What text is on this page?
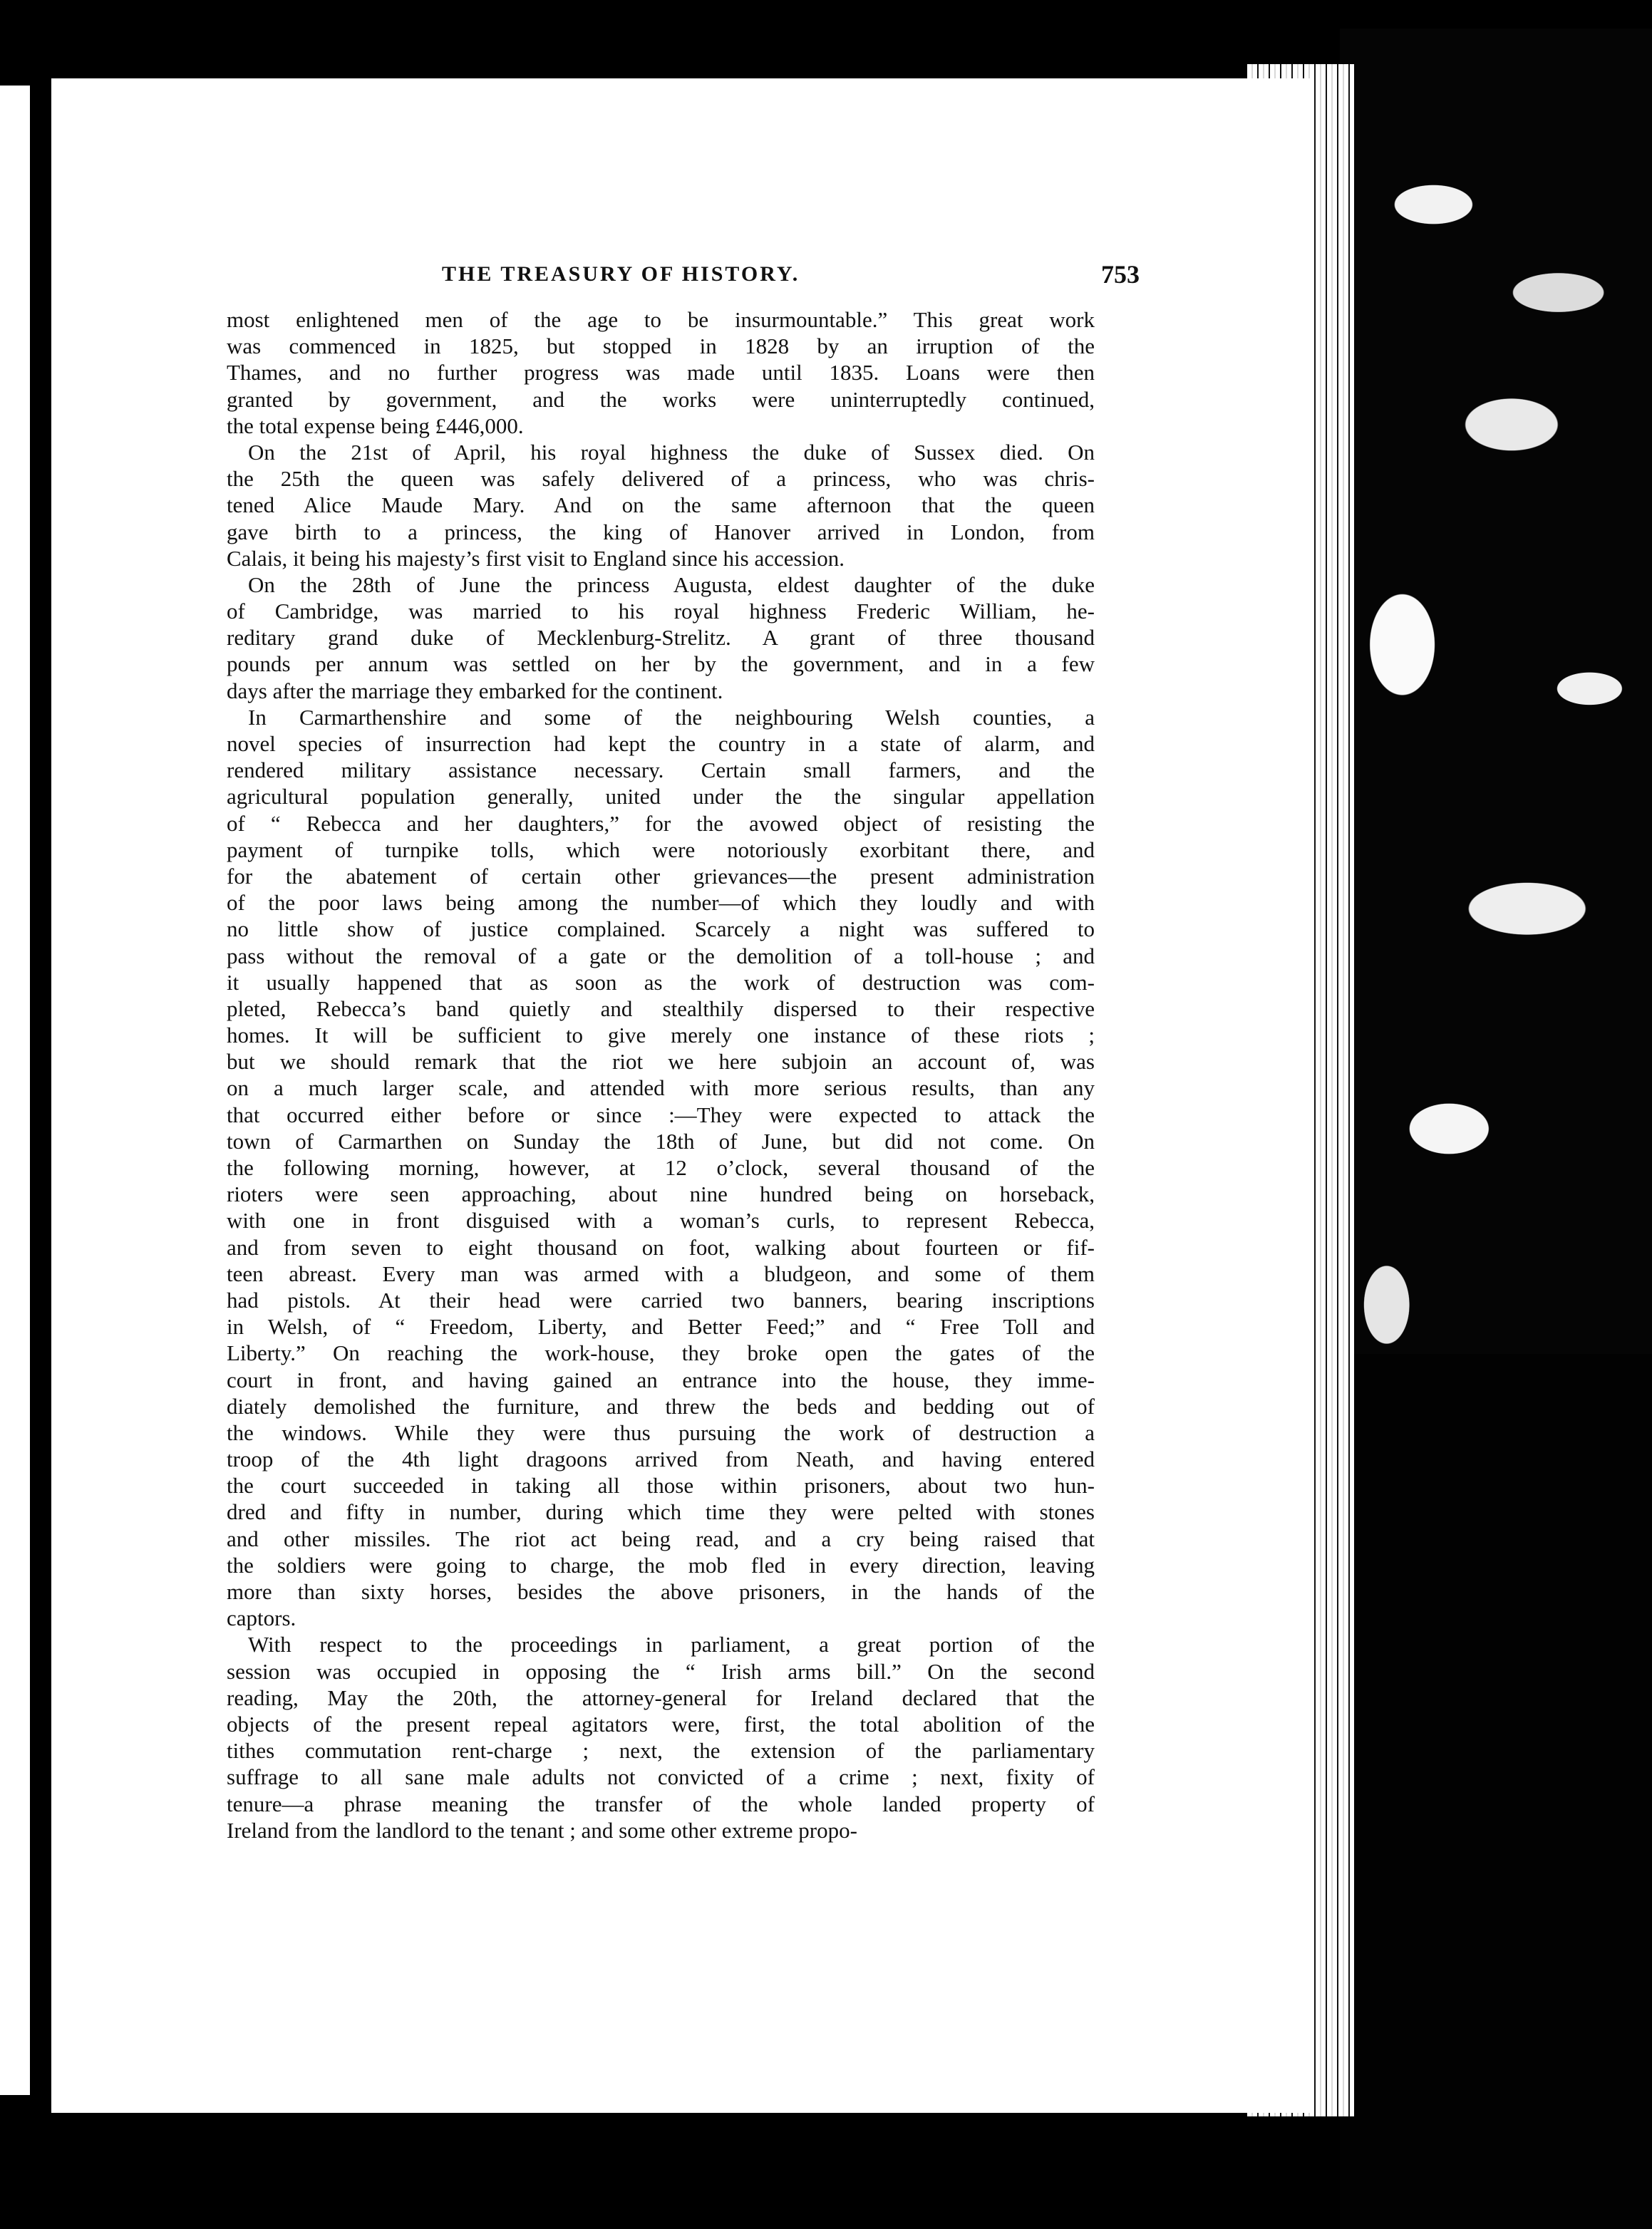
THE TREASURY OF HISTORY.	753
most enlightened men of the age to be insurmountable.” This great work
was commenced in 1825, but stopped in 1828 by an irruption of the
Thames, and no further progress was made until 1835. Loans were then
granted by government, and the works were uninterruptedly continued,
the total expense being £446,000.
On the 21st of April, his royal highness the duke of Sussex died. On
the 25th the queen was safely delivered of a princess, who was chris-
tened Alice Maude Mary. And on the same afternoon that the queen
gave birth to a princess, the king of Hanover arrived in London, from
Calais, it being his majesty’s first visit to England since his accession.
On the 28th of June the princess Augusta, eldest daughter of the duke
of Cambridge, was married to his royal highness Frederic William, he-
reditary grand duke of Mecklenburg-Strelitz. A grant of three thousand
pounds per annum was settled on her by the government, and in a few
days after the marriage they embarked for the continent.
In Carmarthenshire and some of the neighbouring Welsh counties, a
novel species of insurrection had kept the country in a state of alarm, and
rendered military assistance necessary. Certain small farmers, and the
agricultural population generally, united under the the singular appellation
of “ Rebecca and her daughters,” for the avowed object of resisting the
payment of turnpike tolls, which were notoriously exorbitant there, and
for the abatement of certain other grievances—the present administration
of the poor laws being among the number—of which they loudly and with
no little show of justice complained. Scarcely a night was suffered to
pass without the removal of a gate or the demolition of a toll-house ; and
it usually happened that as soon as the work of destruction was com-
pleted, Rebecca’s band quietly and stealthily dispersed to their respective
homes. It will be sufficient to give merely one instance of these riots ;
but we should remark that the riot we here subjoin an account of, was
on a much larger scale, and attended with more serious results, than any
that occurred either before or since :—They were expected to attack the
town of Carmarthen on Sunday the 18th of June, but did not come. On
the following morning, however, at 12 o’clock, several thousand of the
rioters were seen approaching, about nine hundred being on horseback,
with one in front disguised with a woman’s curls, to represent Rebecca,
and from seven to eight thousand on foot, walking about fourteen or fif-
teen abreast. Every man was armed with a bludgeon, and some of them
had pistols. At their head were carried two banners, bearing inscriptions
in Welsh, of “ Freedom, Liberty, and Better Feed;” and “ Free Toll and
Liberty.” On reaching the work-house, they broke open the gates of the
court in front, and having gained an entrance into the house, they imme-
diately demolished the furniture, and threw the beds and bedding out of
the windows. While they were thus pursuing the work of destruction a
troop of the 4th light dragoons arrived from Neath, and having entered
the court succeeded in taking all those within prisoners, about two hun-
dred and fifty in number, during which time they were pelted with stones
and other missiles. The riot act being read, and a cry being raised that
the soldiers were going to charge, the mob fled in every direction, leaving
more than sixty horses, besides the above prisoners, in the hands of the
captors.
With respect to the proceedings in parliament, a great portion of the
session was occupied in opposing the “ Irish arms bill.” On the second
reading, May the 20th, the attorney-general for Ireland declared that the
objects of the present repeal agitators were, first, the total abolition of the
tithes commutation rent-charge ; next, the extension of the parliamentary
suffrage to all sane male adults not convicted of a crime ; next, fixity of
tenure—a phrase meaning the transfer of the whole landed property of
Ireland from the landlord to the tenant ; and some other extreme propo-
